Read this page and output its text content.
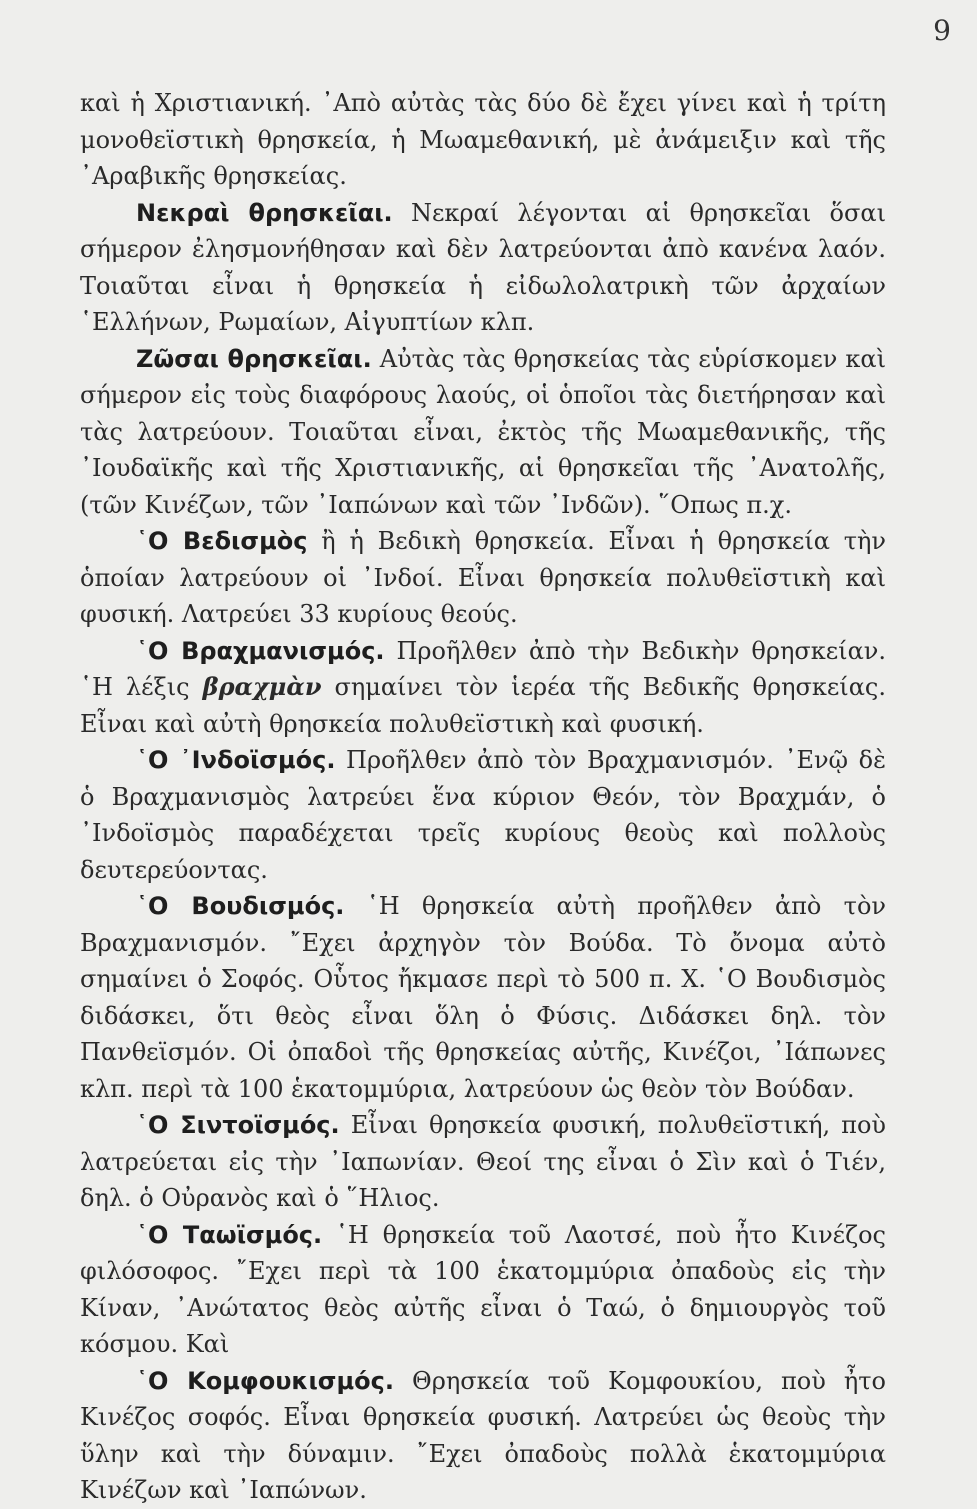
9

καὶ ἡ Χριστιανική. ᾿Απὸ αὐτὰς τὰς δύο δὲ ἔχει γίνει καὶ ἡ τρίτη μονοθεϊστικὴ θρησκεία, ἡ Μωαμεθανική, μὲ ἀνάμειξιν καὶ τῆς ᾿Αραβικῆς θρησκείας.

Νεκραὶ θρησκεῖαι. Νεκραί λέγονται αἱ θρησκεῖαι ὅσαι σήμερον ἐλησμονήθησαν καὶ δὲν λατρεύονται ἀπὸ κανένα λαόν. Τοιαῦται εἶναι ἡ θρησκεία ἡ εἰδωλολατρικὴ τῶν ἀρχαίων ῾Ελλήνων, Ρωμαίων, Αἰγυπτίων κλπ.

Ζῶσαι θρησκεῖαι. Αὐτὰς τὰς θρησκείας τὰς εὑρίσκομεν καὶ σήμερον εἰς τοὺς διαφόρους λαούς, οἱ ὁποῖοι τὰς διετήρησαν καὶ τὰς λατρεύουν. Τοιαῦται εἶναι, ἐκτὸς τῆς Μωαμεθανικῆς, τῆς ᾿Ιουδαϊκῆς καὶ τῆς Χριστιανικῆς, αἱ θρησκεῖαι τῆς ᾿Ανατολῆς, (τῶν Κινέζων, τῶν ᾿Ιαπώνων καὶ τῶν ᾿Ινδῶν). ῞Οπως π.χ.

῾Ο Βεδισμὸς ἢ ἡ Βεδικὴ θρησκεία. Εἶναι ἡ θρησκεία τὴν ὁποίαν λατρεύουν οἱ ᾿Ινδοί. Εἶναι θρησκεία πολυθεϊστικὴ καὶ φυσική. Λατρεύει 33 κυρίους θεούς.

῾Ο Βραχμανισμός. Προῆλθεν ἀπὸ τὴν Βεδικὴν θρησκείαν. ῾Η λέξις βραχμὰν σημαίνει τὸν ἱερέα τῆς Βεδικῆς θρησκείας. Εἶναι καὶ αὐτὴ θρησκεία πολυθεϊστικὴ καὶ φυσική.

῾Ο ᾿Ινδοϊσμός. Προῆλθεν ἀπὸ τὸν Βραχμανισμόν. ᾿Ενῷ δὲ ὁ Βραχμανισμὸς λατρεύει ἕνα κύριον Θεόν, τὸν Βραχμάν, ὁ ᾿Ινδοϊσμὸς παραδέχεται τρεῖς κυρίους θεοὺς καὶ πολλοὺς δευτερεύοντας.

῾Ο Βουδισμός. ῾Η θρησκεία αὐτὴ προῆλθεν ἀπὸ τὸν Βραχμανισμόν. ῎Εχει ἀρχηγὸν τὸν Βούδα. Τὸ ὄνομα αὐτὸ σημαίνει ὁ Σοφός. Οὗτος ἤκμασε περὶ τὸ 500 π. Χ. ῾Ο Βουδισμὸς διδάσκει, ὅτι θεὸς εἶναι ὅλη ὁ Φύσις. Διδάσκει δηλ. τὸν Πανθεϊσμόν. Οἱ ὀπαδοὶ τῆς θρησκείας αὐτῆς, Κινέζοι, ᾿Ιάπωνες κλπ. περὶ τὰ 100 ἑκατομμύρια, λατρεύουν ὡς θεὸν τὸν Βούδαν.

῾Ο Σιντοϊσμός. Εἶναι θρησκεία φυσική, πολυθεϊστική, ποὺ λατρεύεται εἰς τὴν ᾿Ιαπωνίαν. Θεοί της εἶναι ὁ Σὶν καὶ ὁ Τιέν, δηλ. ὁ Οὐρανὸς καὶ ὁ ῞Ηλιος.

῾Ο Ταωϊσμός. ῾Η θρησκεία τοῦ Λαοτσέ, ποὺ ἦτο Κινέζος φιλόσοφος. ῎Εχει περὶ τὰ 100 ἑκατομμύρια ὀπαδοὺς εἰς τὴν Κίναν, ᾿Ανώτατος θεὸς αὐτῆς εἶναι ὁ Ταώ, ὁ δημιουργὸς τοῦ κόσμου. Καὶ

῾Ο Κομφουκισμός. Θρησκεία τοῦ Κομφουκίου, ποὺ ἦτο Κινέζος σοφός. Εἶναι θρησκεία φυσική. Λατρεύει ὡς θεοὺς τὴν ὕλην καὶ τὴν δύναμιν. ῎Εχει ὀπαδοὺς πολλὰ ἑκατομμύρια Κινέζων καὶ ᾿Ιαπώνων.
